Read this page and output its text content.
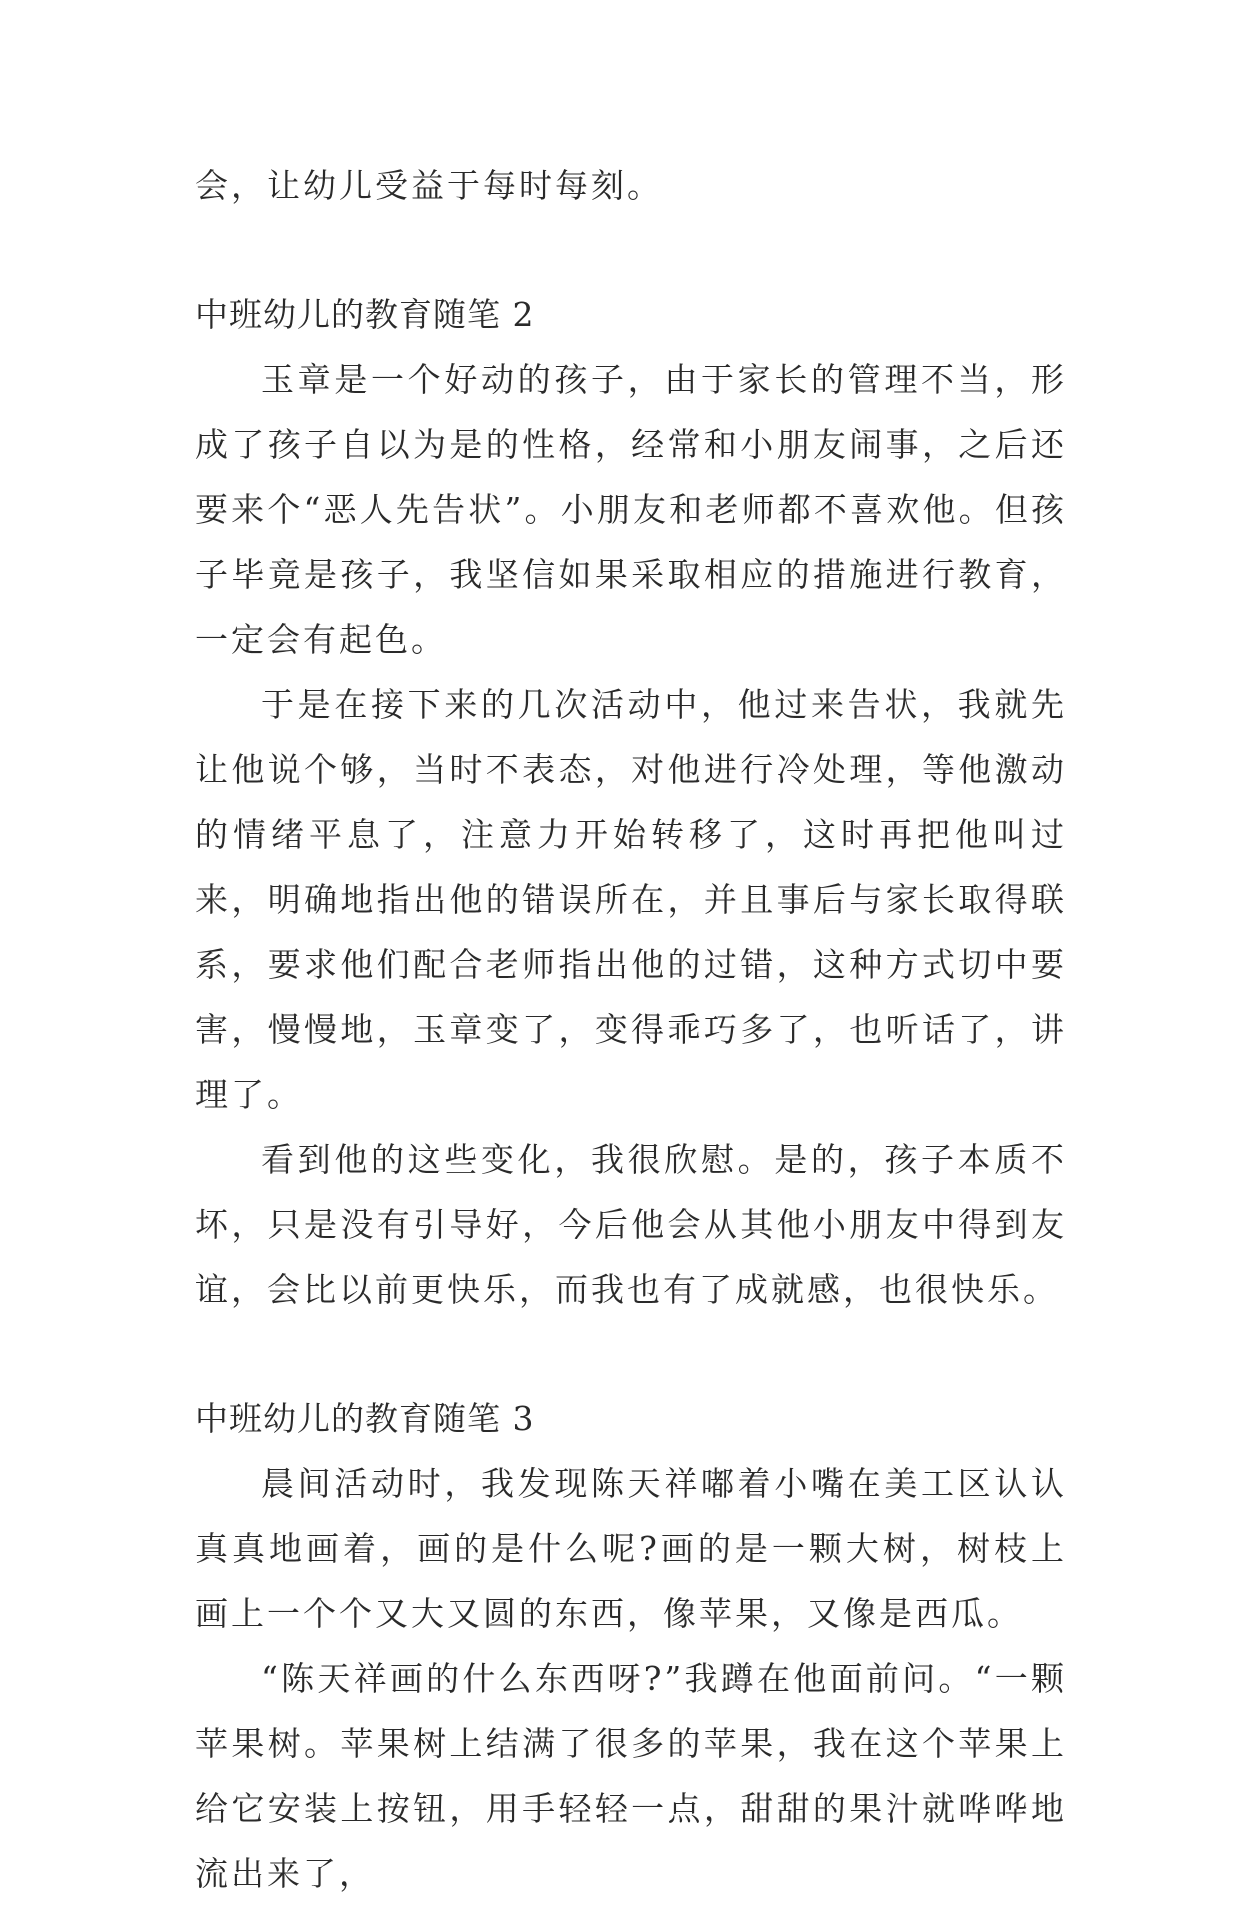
会，让幼儿受益于每时每刻。

中班幼儿的教育随笔 2

玉章是一个好动的孩子，由于家长的管理不当，形成了孩子自以为是的性格，经常和小朋友闹事，之后还要来个“恶人先告状”。小朋友和老师都不喜欢他。但孩子毕竟是孩子，我坚信如果采取相应的措施进行教育，一定会有起色。

于是在接下来的几次活动中，他过来告状，我就先让他说个够，当时不表态，对他进行冷处理，等他激动的情绪平息了，注意力开始转移了，这时再把他叫过来，明确地指出他的错误所在，并且事后与家长取得联系，要求他们配合老师指出他的过错，这种方式切中要害，慢慢地，玉章变了，变得乖巧多了，也听话了，讲理了。

看到他的这些变化，我很欣慰。是的，孩子本质不坏，只是没有引导好，今后他会从其他小朋友中得到友谊，会比以前更快乐，而我也有了成就感，也很快乐。

中班幼儿的教育随笔 3

晨间活动时，我发现陈天祥嘟着小嘴在美工区认认真真地画着，画的是什么呢?画的是一颗大树，树枝上画上一个个又大又圆的东西，像苹果，又像是西瓜。

“陈天祥画的什么东西呀?”我蹲在他面前问。“一颗苹果树。苹果树上结满了很多的苹果，我在这个苹果上给它安装上按钮，用手轻轻一点，甜甜的果汁就哗哗地流出来了，
